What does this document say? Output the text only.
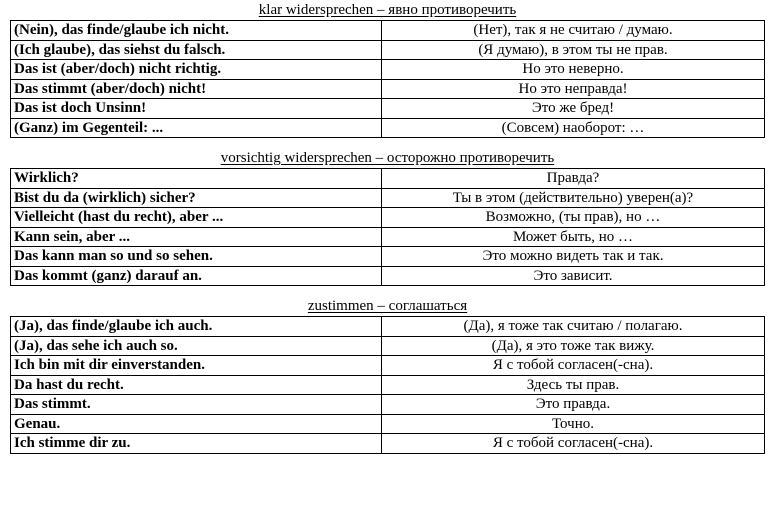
klar widersprechen – явно противоречить
(Nein), das finde/glaube ich nicht.	(Нет), так я не считаю / думаю.
(Ich glaube), das siehst du falsch.	(Я думаю), в этом ты не прав.
Das ist (aber/doch) nicht richtig.	Но это неверно.
Das stimmt (aber/doch) nicht!	Но это неправда!
Das ist doch Unsinn!	Это же бред!
(Ganz) im Gegenteil: ...	(Совсем) наоборот: …
vorsichtig widersprechen – осторожно противоречить
Wirklich?	Правда?
Bist du da (wirklich) sicher?	Ты в этом (действительно) уверен(а)?
Vielleicht (hast du recht), aber ...	Возможно, (ты прав), но …
Kann sein, aber ...	Может быть, но …
Das kann man so und so sehen.	Это можно видеть так и так.
Das kommt (ganz) darauf an.	Это зависит.
zustimmen – соглашаться
(Ja), das finde/glaube ich auch.	(Да), я тоже так считаю / полагаю.
(Ja), das sehe ich auch so.	(Да), я это тоже так вижу.
Ich bin mit dir einverstanden.	Я с тобой согласен(-сна).
Da hast du recht.	Здесь ты прав.
Das stimmt.	Это правда.
Genau.	Точно.
Ich stimme dir zu.	Я с тобой согласен(-сна).
